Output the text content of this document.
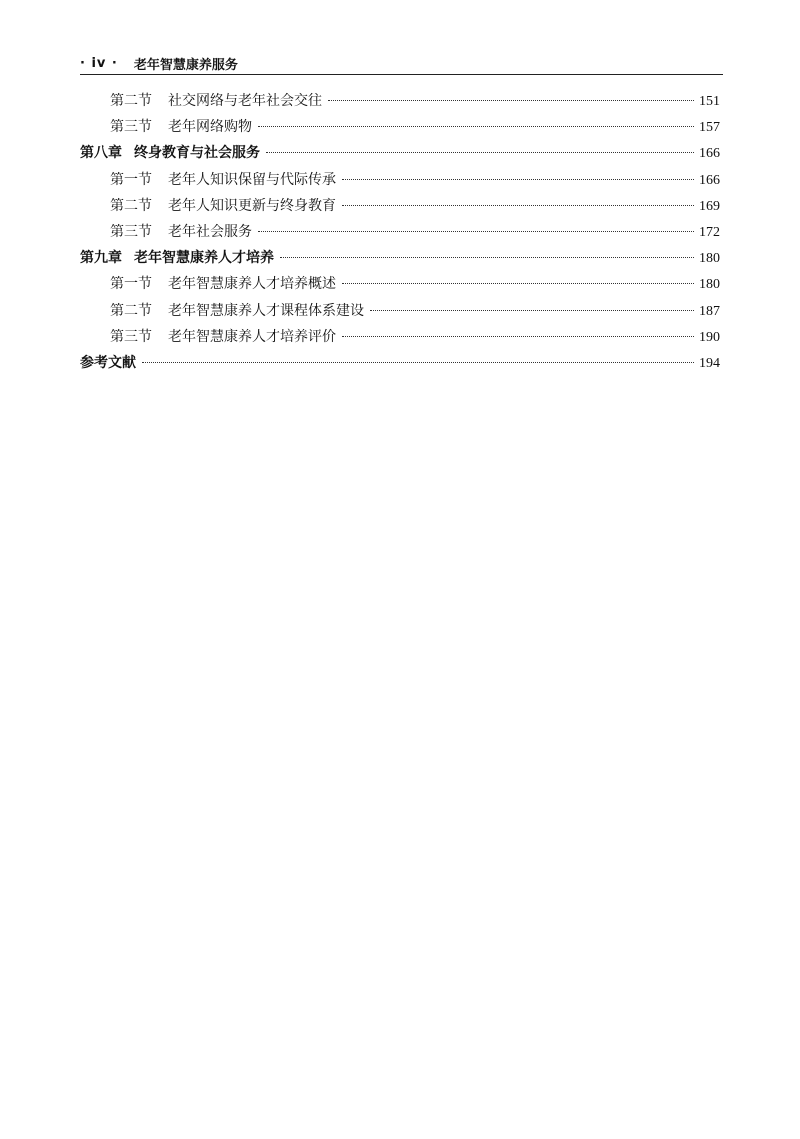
· iv · 老年智慧康养服务
第二节 社交网络与老年社会交往	151
第三节 老年网络购物	157
第八章 终身教育与社会服务	166
第一节 老年人知识保留与代际传承	166
第二节 老年人知识更新与终身教育	169
第三节 老年社会服务	172
第九章 老年智慧康养人才培养	180
第一节 老年智慧康养人才培养概述	180
第二节 老年智慧康养人才课程体系建设	187
第三节 老年智慧康养人才培养评价	190
参考文献	194
